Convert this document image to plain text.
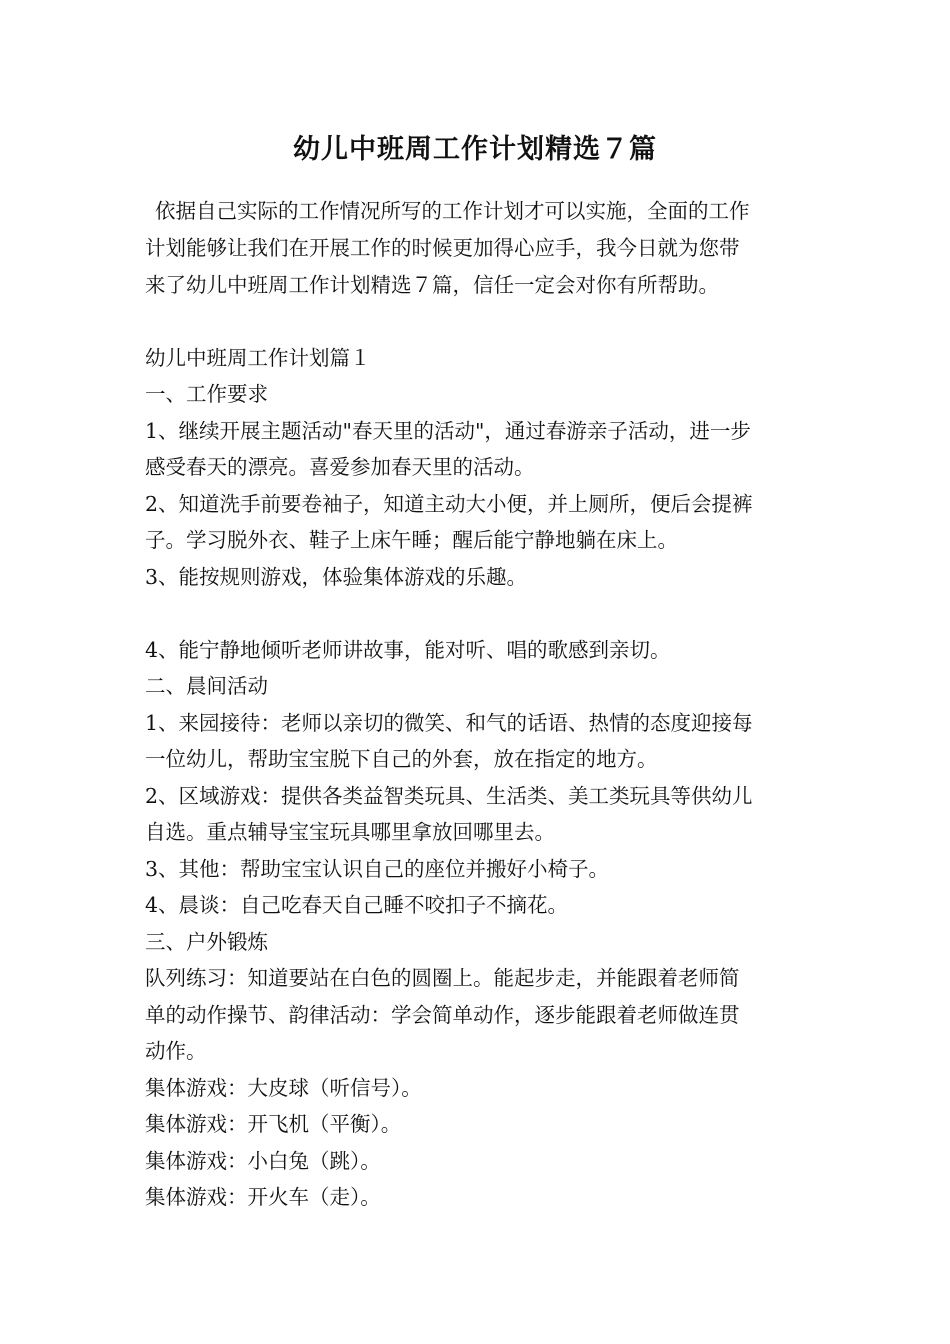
幼儿中班周工作计划精选７篇
依据自己实际的工作情况所写的工作计划才可以实施，全面的工作
计划能够让我们在开展工作的时候更加得心应手，我今日就为您带
来了幼儿中班周工作计划精选７篇，信任一定会对你有所帮助。
幼儿中班周工作计划篇１
一、工作要求
1、继续开展主题活动"春天里的活动"，通过春游亲子活动，进一步
感受春天的漂亮。喜爱参加春天里的活动。
2、知道洗手前要卷袖子，知道主动大小便，并上厕所，便后会提裤
子。学习脱外衣、鞋子上床午睡；醒后能宁静地躺在床上。
3、能按规则游戏，体验集体游戏的乐趣。
4、能宁静地倾听老师讲故事，能对听、唱的歌感到亲切。
二、晨间活动
1、来园接待：老师以亲切的微笑、和气的话语、热情的态度迎接每
一位幼儿，帮助宝宝脱下自己的外套，放在指定的地方。
2、区域游戏：提供各类益智类玩具、生活类、美工类玩具等供幼儿
自选。重点辅导宝宝玩具哪里拿放回哪里去。
3、其他：帮助宝宝认识自己的座位并搬好小椅子。
4、晨谈：自己吃春天自己睡不咬扣子不摘花。
三、户外锻炼
队列练习：知道要站在白色的圆圈上。能起步走，并能跟着老师简
单的动作操节、韵律活动：学会简单动作，逐步能跟着老师做连贯
动作。
集体游戏：大皮球（听信号）。
集体游戏：开飞机（平衡）。
集体游戏：小白兔（跳）。
集体游戏：开火车（走）。
